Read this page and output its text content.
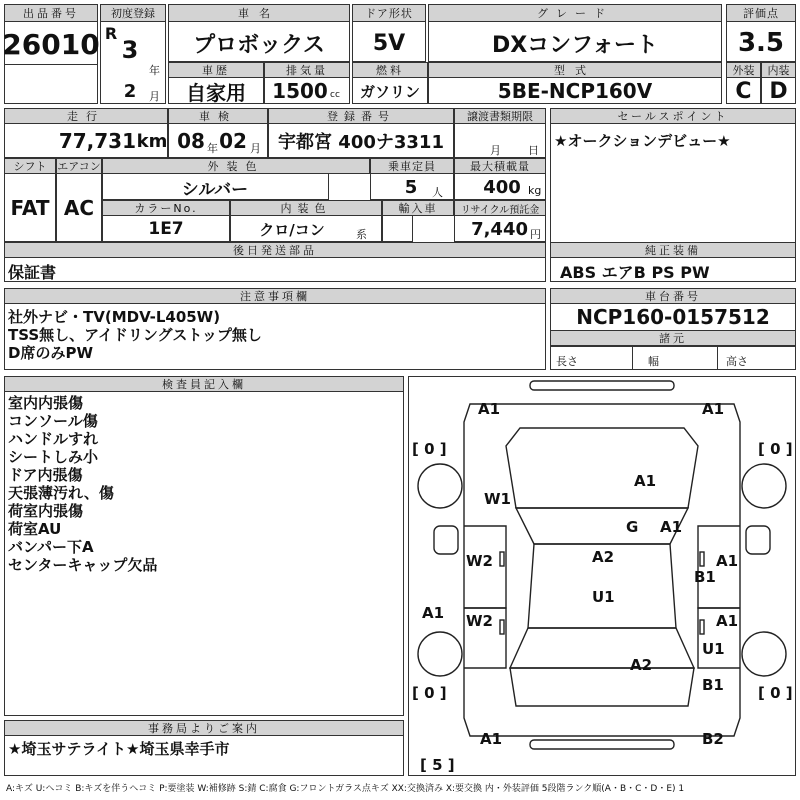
出品番号
26010
初度登録
R
3
年
2	月
車名
プロボックス
ドア形状
5V
グレード
DXコンフォート
評価点
3.5
車歴
自家用
排気量
1500 cc
燃料
ガソリン
型式
5BE-NCP160V
外装
C
内装
D
走行
77,731 km
車検
08 年 02 月
登録番号
宇都宮 400ナ3311
譲渡書類期限
月 日
セールスポイント
★オークションデビュー★
シフト
FAT
エアコン
AC
外装色
シルバー
乗車定員
5	人
最大積載量
400 kg
カラーNo.
1E7
内装色
クロ/コン	系
輸入車	リサイクル預託金
7,440 円
後日発送部品
保証書
純正装備
ABS エアB PS PW
注意事項欄
社外ナビ・TV(MDV-L405W)
TSS無し、アイドリングストップ無し
D席のみPW
車台番号
NCP160-0157512
諸元
長さ	幅	高さ
検査員記入欄
室内内張傷
コンソール傷
ハンドルすれ
シートしみ小
ドア内張傷
天張薄汚れ、傷
荷室内張傷
荷室AU
バンパー下A
センターキャップ欠品
A1	A1
A1
G A1
W1
W2
W2
A2
U1
A1
B1
A1	A1
U1
A2
B1
A1	B2
[ 0 ]	[ 0 ]
[ 0 ]	[ 0 ]
[ 5 ]
事務局よりご案内
★埼玉サテライト★埼玉県幸手市
A:キズ U:ヘコミ B:キズを伴うヘコミ P:要塗装 W:補修跡 S:錆 C:腐食 G:フロントガラス点キズ XX:交換済み X:要交換 内・外装評価 5段階ランク順(A・B・C・D・E) 1
